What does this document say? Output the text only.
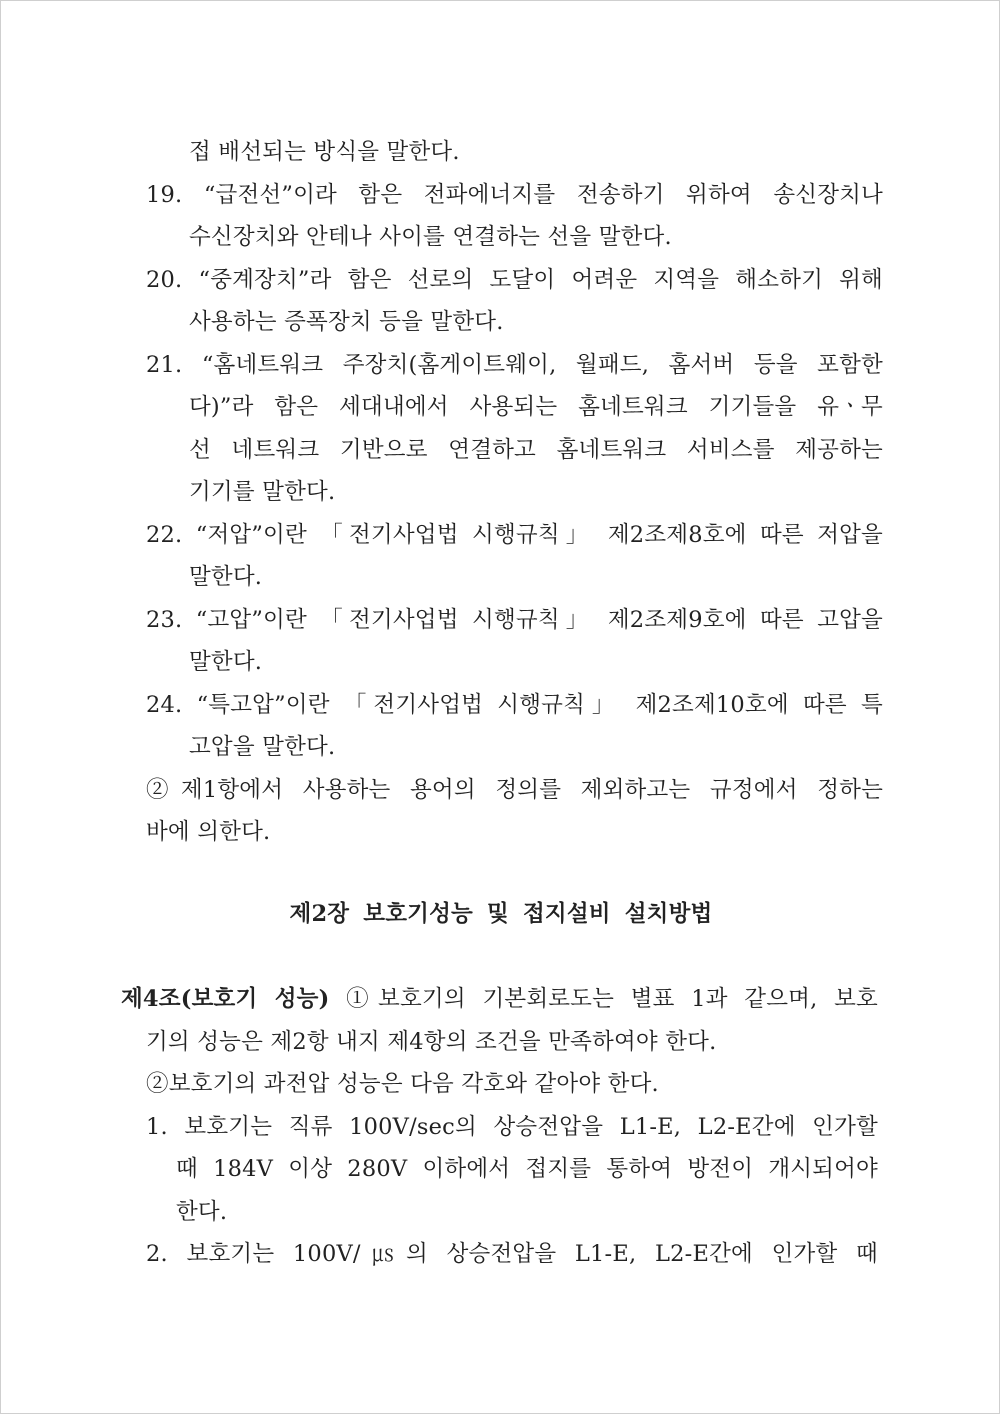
접 배선되는 방식을 말한다.
19. “급전선”이라 함은 전파에너지를 전송하기 위하여 송신장치나
수신장치와 안테나 사이를 연결하는 선을 말한다.
20. “중계장치”라 함은 선로의 도달이 어려운 지역을 해소하기 위해
사용하는 증폭장치 등을 말한다.
21. “홈네트워크 주장치(홈게이트웨이, 월패드, 홈서버 등을 포함한
다)”라 함은 세대내에서 사용되는 홈네트워크 기기들을 유ㆍ무
선 네트워크 기반으로 연결하고 홈네트워크 서비스를 제공하는
기기를 말한다.
22. “저압”이란 「전기사업법 시행규칙」 제2조제8호에 따른 저압을
말한다.
23. “고압”이란 「전기사업법 시행규칙」 제2조제9호에 따른 고압을
말한다.
24. “특고압”이란 「전기사업법 시행규칙」 제2조제10호에 따른 특
고압을 말한다.
②제1항에서 사용하는 용어의 정의를 제외하고는 규정에서 정하는
바에 의한다.
제2장 보호기성능 및 접지설비 설치방법
제4조(보호기 성능) ①보호기의 기본회로도는 별표 1과 같으며, 보호
기의 성능은 제2항 내지 제4항의 조건을 만족하여야 한다.
②보호기의 과전압 성능은 다음 각호와 같아야 한다.
1. 보호기는 직류 100V/sec의 상승전압을 L1-E, L2-E간에 인가할
때 184V 이상 280V 이하에서 접지를 통하여 방전이 개시되어야
한다.
2. 보호기는 100V/㎲의 상승전압을 L1-E, L2-E간에 인가할 때
